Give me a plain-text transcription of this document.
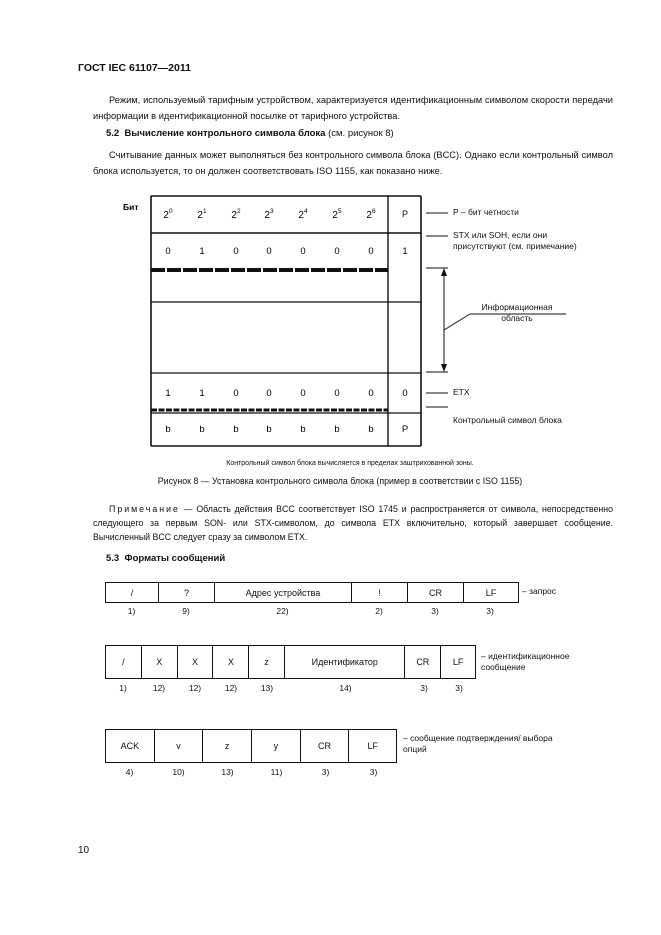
ГОСТ IEC 61107—2011
Режим, используемый тарифным устройством, характеризуется идентификационным символом скорости передачи информации в идентификационной посылке от тарифного устройства.
5.2 Вычисление контрольного символа блока (см. рисунок 8)
Считывание данных может выполняться без контрольного символа блока (BCC). Однако если контрольный символ блока используется, то он должен соответствовать ISO 1155, как показано ниже.
Бит
$2^0$ $2^1$ $2^2$ $2^3$ $2^4$ $2^5$ $2^6$	P
0	1	0	0	0	0	0	1
1	1	0	0	0	0	0	0
b	b	b	b	b	b	b	P
P – бит четности
STX или SOH, если они присутствуют (см. примечание)
Информационная область
ETX
Контрольный символ блока
Контрольный символ блока вычисляется в пределах заштрихованной зоны.
Рисунок 8 — Установка контрольного символа блока (пример в соответствии с ISO 1155)
Примечание — Область действия BCC соответствует ISO 1745 и распространяется от символа, непосредственно следующего за первым SON- или STX-символом, до символа ETX включительно, который завершает сообщение. Вычисленный BCC следует сразу за символом ETX.
5.3 Форматы сообщений
/	?	Адрес устройства	!	CR	LF	– запрос
1)	9)	22)	2)	3)	3)
/	X	X	X	z	Идентификатор	CR	LF
– идентификационное сообщение
1)	12)	12)	12)	13)	14)	3)	3)
ACK	v	z	y	CR	LF
– сообщение подтверждения/ выбора опций
4)	10)	13)	11)	3)	3)
10
